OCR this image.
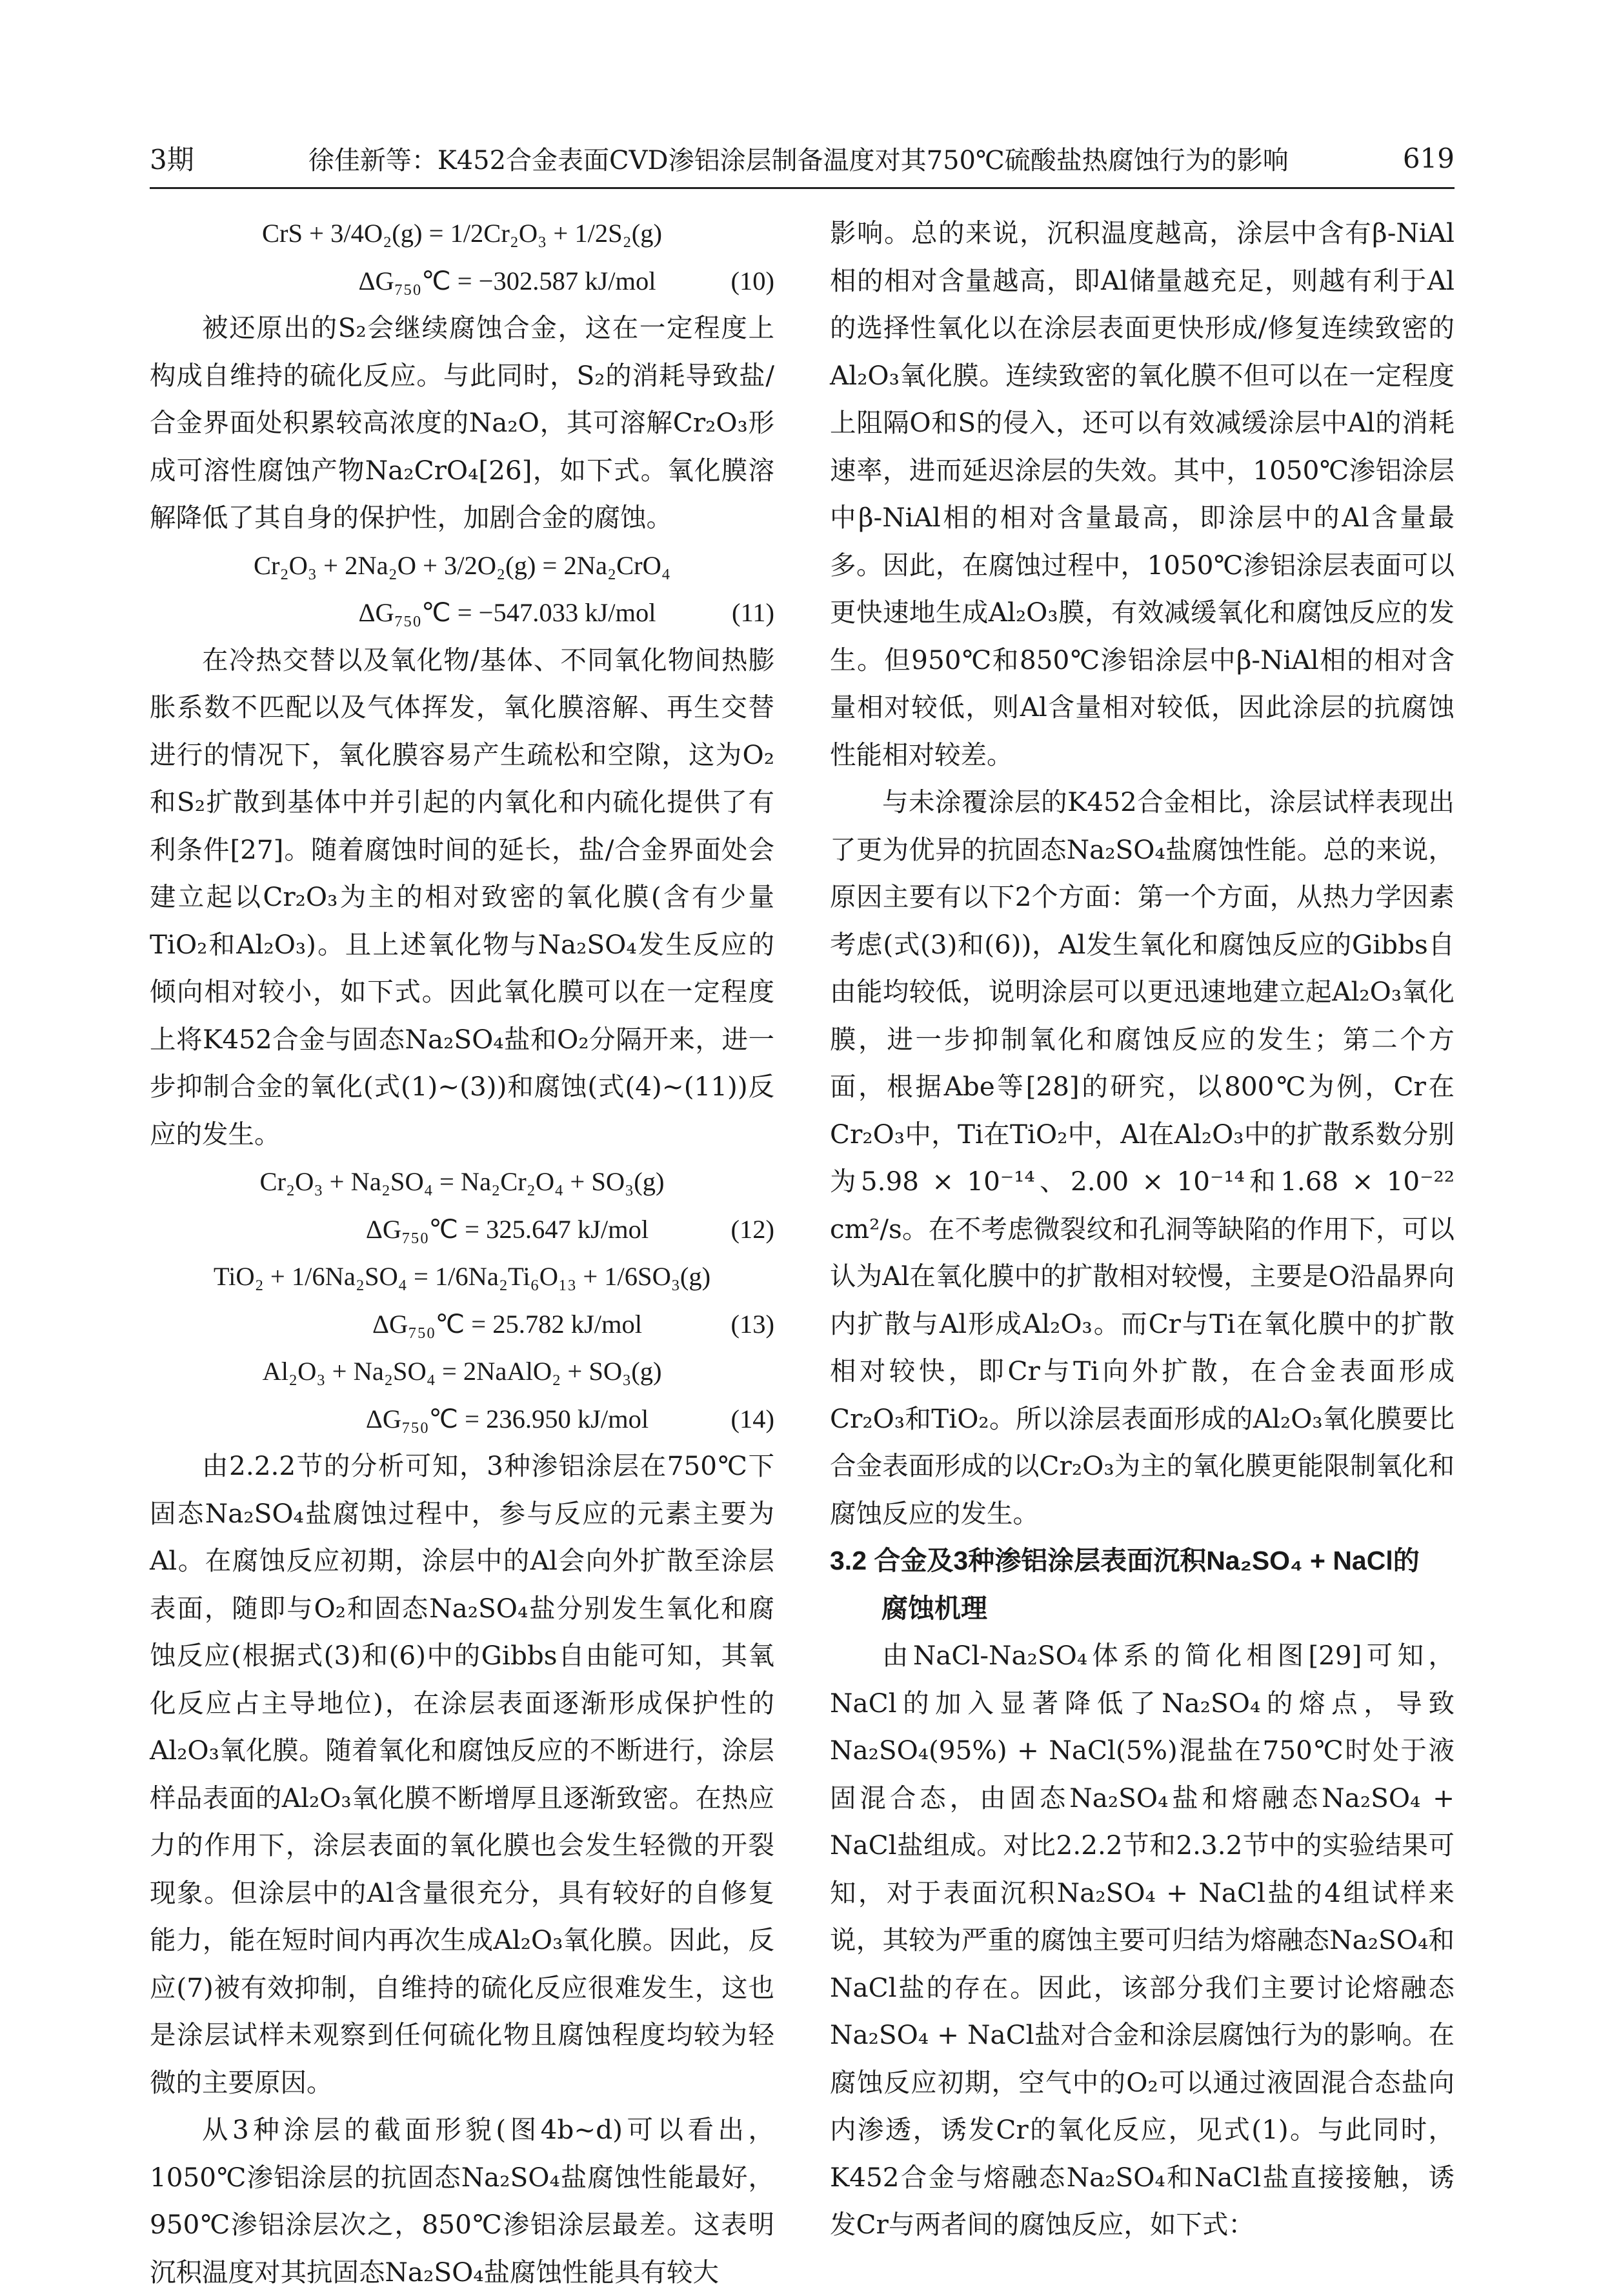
3期	徐佳新等：K452合金表面CVD渗铝涂层制备温度对其750℃硫酸盐热腐蚀行为的影响	619
CrS + 3/4O₂(g) = 1/2Cr₂O₃ + 1/2S₂(g)
ΔG₇₅₀℃ = −302.587 kJ/mol	(10)

被还原出的S₂会继续腐蚀合金，这在一定程度上构成自维持的硫化反应。与此同时，S₂的消耗导致盐/合金界面处积累较高浓度的Na₂O，其可溶解Cr₂O₃形成可溶性腐蚀产物Na₂CrO₄[26]，如下式。氧化膜溶解降低了其自身的保护性，加剧合金的腐蚀。

Cr₂O₃ + 2Na₂O + 3/2O₂(g) = 2Na₂CrO₄
ΔG₇₅₀℃ = −547.033 kJ/mol	(11)

在冷热交替以及氧化物/基体、不同氧化物间热膨胀系数不匹配以及气体挥发，氧化膜溶解、再生交替进行的情况下，氧化膜容易产生疏松和空隙，这为O₂和S₂扩散到基体中并引起的内氧化和内硫化提供了有利条件[27]。随着腐蚀时间的延长，盐/合金界面处会建立起以Cr₂O₃为主的相对致密的氧化膜(含有少量TiO₂和Al₂O₃)。且上述氧化物与Na₂SO₄发生反应的倾向相对较小，如下式。因此氧化膜可以在一定程度上将K452合金与固态Na₂SO₄盐和O₂分隔开来，进一步抑制合金的氧化(式(1)~(3))和腐蚀(式(4)~(11))反应的发生。

Cr₂O₃ + Na₂SO₄ = Na₂Cr₂O₄ + SO₃(g)
ΔG₇₅₀℃ = 325.647 kJ/mol	(12)
TiO₂ + 1/6Na₂SO₄ = 1/6Na₂Ti₆O₁₃ + 1/6SO₃(g)
ΔG₇₅₀℃ = 25.782 kJ/mol	(13)
Al₂O₃ + Na₂SO₄ = 2NaAlO₂ + SO₃(g)
ΔG₇₅₀℃ = 236.950 kJ/mol	(14)

由2.2.2节的分析可知，3种渗铝涂层在750℃下固态Na₂SO₄盐腐蚀过程中，参与反应的元素主要为Al。在腐蚀反应初期，涂层中的Al会向外扩散至涂层表面，随即与O₂和固态Na₂SO₄盐分别发生氧化和腐蚀反应(根据式(3)和(6)中的Gibbs自由能可知，其氧化反应占主导地位)，在涂层表面逐渐形成保护性的Al₂O₃氧化膜。随着氧化和腐蚀反应的不断进行，涂层样品表面的Al₂O₃氧化膜不断增厚且逐渐致密。在热应力的作用下，涂层表面的氧化膜也会发生轻微的开裂现象。但涂层中的Al含量很充分，具有较好的自修复能力，能在短时间内再次生成Al₂O₃氧化膜。因此，反应(7)被有效抑制，自维持的硫化反应很难发生，这也是涂层试样未观察到任何硫化物且腐蚀程度均较为轻微的主要原因。

从3种涂层的截面形貌(图4b~d)可以看出，1050℃渗铝涂层的抗固态Na₂SO₄盐腐蚀性能最好，950℃渗铝涂层次之，850℃渗铝涂层最差。这表明沉积温度对其抗固态Na₂SO₄盐腐蚀性能具有较大

影响。总的来说，沉积温度越高，涂层中含有β-NiAl相的相对含量越高，即Al储量越充足，则越有利于Al的选择性氧化以在涂层表面更快形成/修复连续致密的Al₂O₃氧化膜。连续致密的氧化膜不但可以在一定程度上阻隔O和S的侵入，还可以有效减缓涂层中Al的消耗速率，进而延迟涂层的失效。其中，1050℃渗铝涂层中β-NiAl相的相对含量最高，即涂层中的Al含量最多。因此，在腐蚀过程中，1050℃渗铝涂层表面可以更快速地生成Al₂O₃膜，有效减缓氧化和腐蚀反应的发生。但950℃和850℃渗铝涂层中β-NiAl相的相对含量相对较低，则Al含量相对较低，因此涂层的抗腐蚀性能相对较差。

与未涂覆涂层的K452合金相比，涂层试样表现出了更为优异的抗固态Na₂SO₄盐腐蚀性能。总的来说，原因主要有以下2个方面：第一个方面，从热力学因素考虑(式(3)和(6))，Al发生氧化和腐蚀反应的Gibbs自由能均较低，说明涂层可以更迅速地建立起Al₂O₃氧化膜，进一步抑制氧化和腐蚀反应的发生；第二个方面，根据Abe等[28]的研究，以800℃为例，Cr在Cr₂O₃中，Ti在TiO₂中，Al在Al₂O₃中的扩散系数分别为5.98 × 10⁻¹⁴、2.00 × 10⁻¹⁴和1.68 × 10⁻²² cm²/s。在不考虑微裂纹和孔洞等缺陷的作用下，可以认为Al在氧化膜中的扩散相对较慢，主要是O沿晶界向内扩散与Al形成Al₂O₃。而Cr与Ti在氧化膜中的扩散相对较快，即Cr与Ti向外扩散，在合金表面形成Cr₂O₃和TiO₂。所以涂层表面形成的Al₂O₃氧化膜要比合金表面形成的以Cr₂O₃为主的氧化膜更能限制氧化和腐蚀反应的发生。

3.2 合金及3种渗铝涂层表面沉积Na₂SO₄ + NaCl的
腐蚀机理

由NaCl-Na₂SO₄体系的简化相图[29]可知，NaCl的加入显著降低了Na₂SO₄的熔点，导致Na₂SO₄(95%) + NaCl(5%)混盐在750℃时处于液固混合态，由固态Na₂SO₄盐和熔融态Na₂SO₄ + NaCl盐组成。对比2.2.2节和2.3.2节中的实验结果可知，对于表面沉积Na₂SO₄ + NaCl盐的4组试样来说，其较为严重的腐蚀主要可归结为熔融态Na₂SO₄和NaCl盐的存在。因此，该部分我们主要讨论熔融态Na₂SO₄ + NaCl盐对合金和涂层腐蚀行为的影响。在腐蚀反应初期，空气中的O₂可以通过液固混合态盐向内渗透，诱发Cr的氧化反应，见式(1)。与此同时，K452合金与熔融态Na₂SO₄和NaCl盐直接接触，诱发Cr与两者间的腐蚀反应，如下式：
